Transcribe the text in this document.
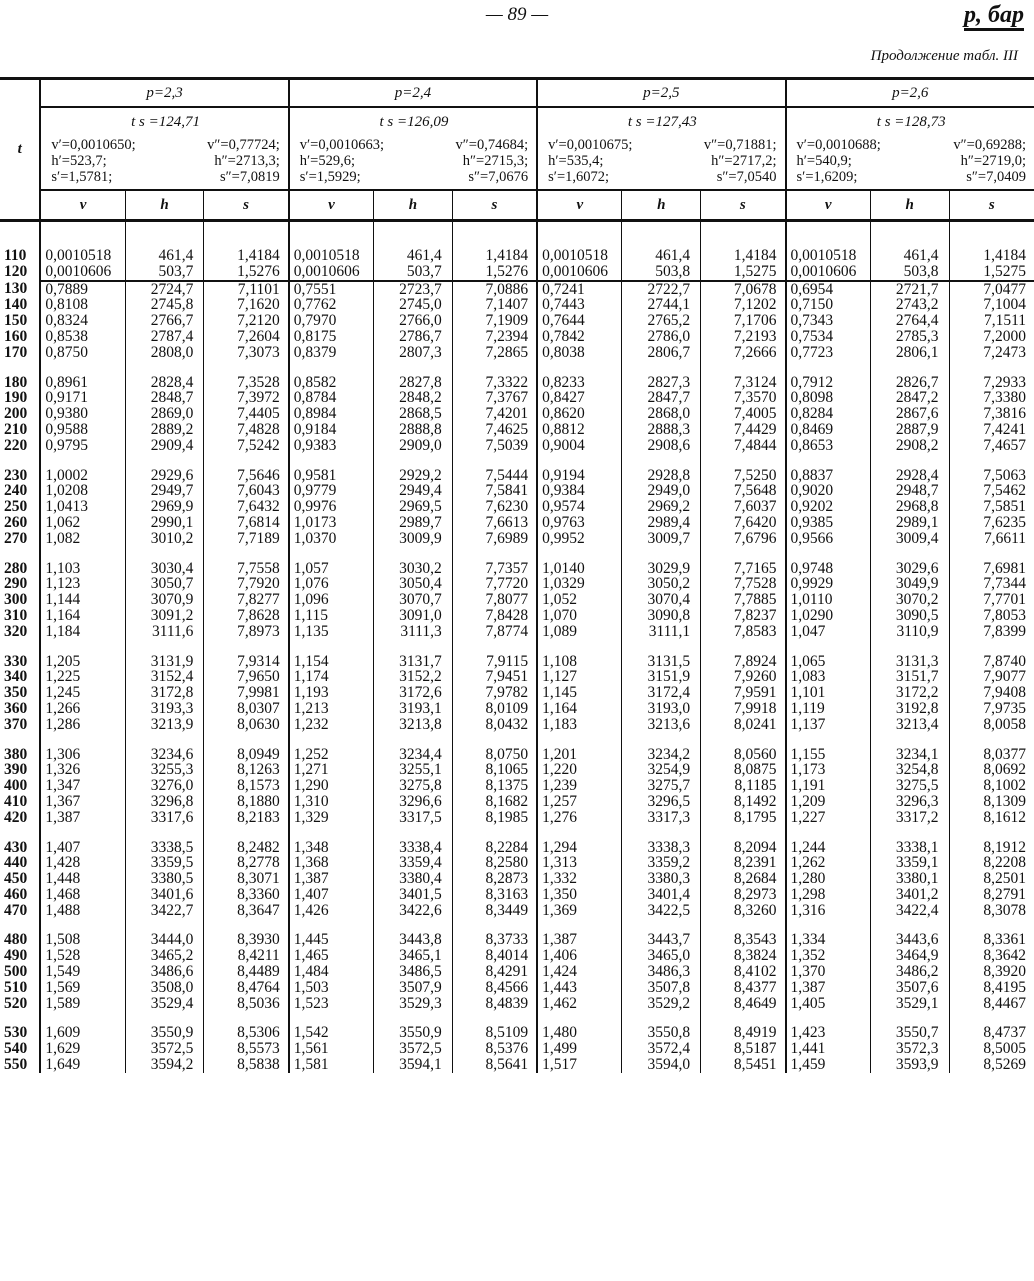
— 89 —	p, бар
Продолжение табл. III
t	p=2,3			p=2,4			p=2,5			p=2,6		

t s =124,71
v′=0,0010650;	v″=0,77724;
h′=523,7;	h″=2713,3;
s′=1,5781;	s″=7,0819

t s =126,09
v′=0,0010663;	v″=0,74684;
h′=529,6;	h″=2715,3;
s′=1,5929;	s″=7,0676

t s =127,43
v′=0,0010675;	v″=0,71881;
h′=535,4;	h″=2717,2;
s′=1,6072;	s″=7,0540

t s =128,73
v′=0,0010688;	v″=0,69288;
h′=540,9;	h″=2719,0;
s′=1,6209;	s″=7,0409

	v	h	s	v	h	s	v	h	s	v	h	s
110	0,0010518	461,4	1,4184	0,0010518	461,4	1,4184	0,0010518	461,4	1,4184	0,0010518	461,4	1,4184
120	0,0010606	503,7	1,5276	0,0010606	503,7	1,5276	0,0010606	503,8	1,5275	0,0010606	503,8	1,5275
130	0,7889	2724,7	7,1101	0,7551	2723,7	7,0886	0,7241	2722,7	7,0678	0,6954	2721,7	7,0477
140	0,8108	2745,8	7,1620	0,7762	2745,0	7,1407	0,7443	2744,1	7,1202	0,7150	2743,2	7,1004
150	0,8324	2766,7	7,2120	0,7970	2766,0	7,1909	0,7644	2765,2	7,1706	0,7343	2764,4	7,1511
160	0,8538	2787,4	7,2604	0,8175	2786,7	7,2394	0,7842	2786,0	7,2193	0,7534	2785,3	7,2000
170	0,8750	2808,0	7,3073	0,8379	2807,3	7,2865	0,8038	2806,7	7,2666	0,7723	2806,1	7,2473

180	0,8961	2828,4	7,3528	0,8582	2827,8	7,3322	0,8233	2827,3	7,3124	0,7912	2826,7	7,2933
190	0,9171	2848,7	7,3972	0,8784	2848,2	7,3767	0,8427	2847,7	7,3570	0,8098	2847,2	7,3380
200	0,9380	2869,0	7,4405	0,8984	2868,5	7,4201	0,8620	2868,0	7,4005	0,8284	2867,6	7,3816
210	0,9588	2889,2	7,4828	0,9184	2888,8	7,4625	0,8812	2888,3	7,4429	0,8469	2887,9	7,4241
220	0,9795	2909,4	7,5242	0,9383	2909,0	7,5039	0,9004	2908,6	7,4844	0,8653	2908,2	7,4657

230	1,0002	2929,6	7,5646	0,9581	2929,2	7,5444	0,9194	2928,8	7,5250	0,8837	2928,4	7,5063
240	1,0208	2949,7	7,6043	0,9779	2949,4	7,5841	0,9384	2949,0	7,5648	0,9020	2948,7	7,5462
250	1,0413	2969,9	7,6432	0,9976	2969,5	7,6230	0,9574	2969,2	7,6037	0,9202	2968,8	7,5851
260	1,062	2990,1	7,6814	1,0173	2989,7	7,6613	0,9763	2989,4	7,6420	0,9385	2989,1	7,6235
270	1,082	3010,2	7,7189	1,0370	3009,9	7,6989	0,9952	3009,7	7,6796	0,9566	3009,4	7,6611

280	1,103	3030,4	7,7558	1,057	3030,2	7,7357	1,0140	3029,9	7,7165	0,9748	3029,6	7,6981
290	1,123	3050,7	7,7920	1,076	3050,4	7,7720	1,0329	3050,2	7,7528	0,9929	3049,9	7,7344
300	1,144	3070,9	7,8277	1,096	3070,7	7,8077	1,052	3070,4	7,7885	1,0110	3070,2	7,7701
310	1,164	3091,2	7,8628	1,115	3091,0	7,8428	1,070	3090,8	7,8237	1,0290	3090,5	7,8053
320	1,184	3111,6	7,8973	1,135	3111,3	7,8774	1,089	3111,1	7,8583	1,047	3110,9	7,8399

330	1,205	3131,9	7,9314	1,154	3131,7	7,9115	1,108	3131,5	7,8924	1,065	3131,3	7,8740
340	1,225	3152,4	7,9650	1,174	3152,2	7,9451	1,127	3151,9	7,9260	1,083	3151,7	7,9077
350	1,245	3172,8	7,9981	1,193	3172,6	7,9782	1,145	3172,4	7,9591	1,101	3172,2	7,9408
360	1,266	3193,3	8,0307	1,213	3193,1	8,0109	1,164	3193,0	7,9918	1,119	3192,8	7,9735
370	1,286	3213,9	8,0630	1,232	3213,8	8,0432	1,183	3213,6	8,0241	1,137	3213,4	8,0058

380	1,306	3234,6	8,0949	1,252	3234,4	8,0750	1,201	3234,2	8,0560	1,155	3234,1	8,0377
390	1,326	3255,3	8,1263	1,271	3255,1	8,1065	1,220	3254,9	8,0875	1,173	3254,8	8,0692
400	1,347	3276,0	8,1573	1,290	3275,8	8,1375	1,239	3275,7	8,1185	1,191	3275,5	8,1002
410	1,367	3296,8	8,1880	1,310	3296,6	8,1682	1,257	3296,5	8,1492	1,209	3296,3	8,1309
420	1,387	3317,6	8,2183	1,329	3317,5	8,1985	1,276	3317,3	8,1795	1,227	3317,2	8,1612

430	1,407	3338,5	8,2482	1,348	3338,4	8,2284	1,294	3338,3	8,2094	1,244	3338,1	8,1912
440	1,428	3359,5	8,2778	1,368	3359,4	8,2580	1,313	3359,2	8,2391	1,262	3359,1	8,2208
450	1,448	3380,5	8,3071	1,387	3380,4	8,2873	1,332	3380,3	8,2684	1,280	3380,1	8,2501
460	1,468	3401,6	8,3360	1,407	3401,5	8,3163	1,350	3401,4	8,2973	1,298	3401,2	8,2791
470	1,488	3422,7	8,3647	1,426	3422,6	8,3449	1,369	3422,5	8,3260	1,316	3422,4	8,3078

480	1,508	3444,0	8,3930	1,445	3443,8	8,3733	1,387	3443,7	8,3543	1,334	3443,6	8,3361
490	1,528	3465,2	8,4211	1,465	3465,1	8,4014	1,406	3465,0	8,3824	1,352	3464,9	8,3642
500	1,549	3486,6	8,4489	1,484	3486,5	8,4291	1,424	3486,3	8,4102	1,370	3486,2	8,3920
510	1,569	3508,0	8,4764	1,503	3507,9	8,4566	1,443	3507,8	8,4377	1,387	3507,6	8,4195
520	1,589	3529,4	8,5036	1,523	3529,3	8,4839	1,462	3529,2	8,4649	1,405	3529,1	8,4467

530	1,609	3550,9	8,5306	1,542	3550,9	8,5109	1,480	3550,8	8,4919	1,423	3550,7	8,4737
540	1,629	3572,5	8,5573	1,561	3572,5	8,5376	1,499	3572,4	8,5187	1,441	3572,3	8,5005
550	1,649	3594,2	8,5838	1,581	3594,1	8,5641	1,517	3594,0	8,5451	1,459	3593,9	8,5269
